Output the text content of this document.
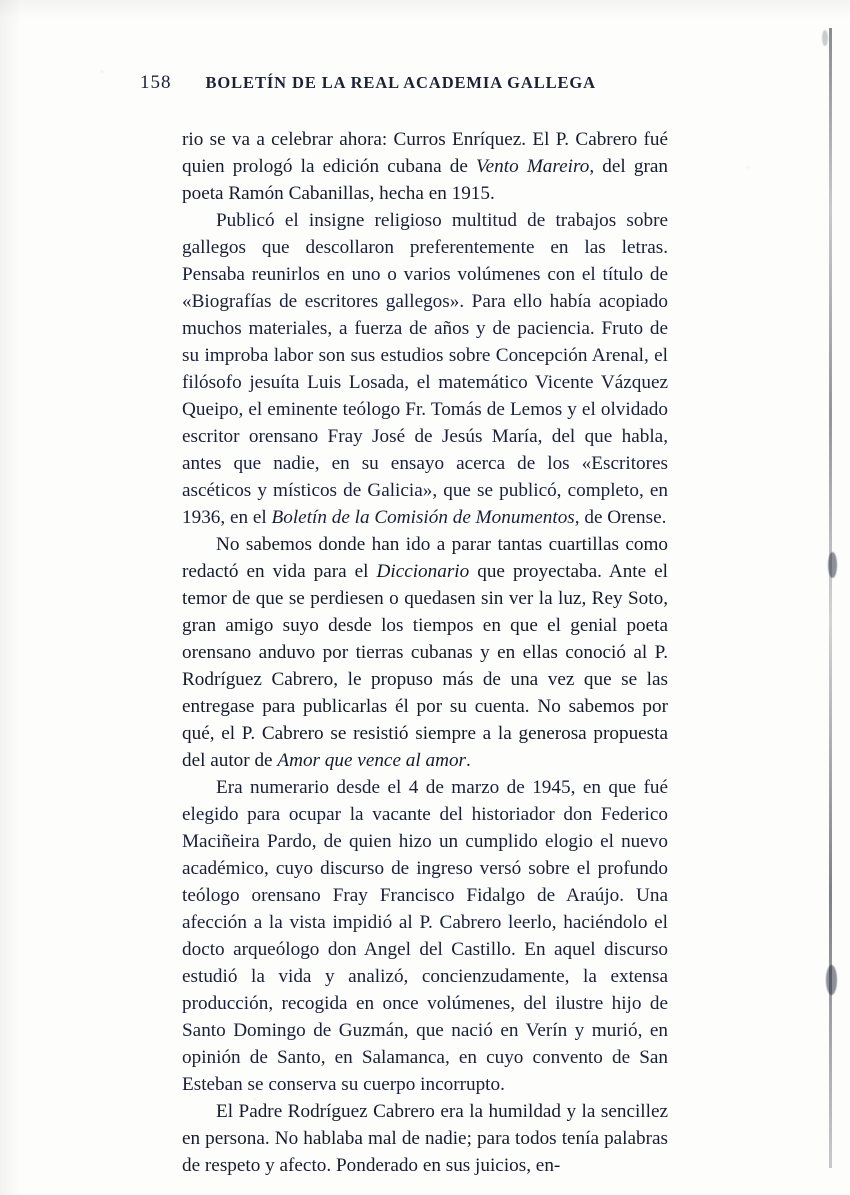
158 BOLETÍN DE LA REAL ACADEMIA GALLEGA

rio se va a celebrar ahora: Curros Enríquez. El P. Cabrero fué quien prologó la edición cubana de Vento Mareiro, del gran poeta Ramón Cabanillas, hecha en 1915.

Publicó el insigne religioso multitud de trabajos sobre gallegos que descollaron preferentemente en las letras. Pensaba reunirlos en uno o varios volúmenes con el título de «Biografías de escritores gallegos». Para ello había acopiado muchos materiales, a fuerza de años y de paciencia. Fruto de su improba labor son sus estudios sobre Concepción Arenal, el filósofo jesuíta Luis Losada, el matemático Vicente Vázquez Queipo, el eminente teólogo Fr. Tomás de Lemos y el olvidado escritor orensano Fray José de Jesús María, del que habla, antes que nadie, en su ensayo acerca de los «Escritores ascéticos y místicos de Galicia», que se publicó, completo, en 1936, en el Boletín de la Comisión de Monumentos, de Orense.

No sabemos donde han ido a parar tantas cuartillas como redactó en vida para el Diccionario que proyectaba. Ante el temor de que se perdiesen o quedasen sin ver la luz, Rey Soto, gran amigo suyo desde los tiempos en que el genial poeta orensano anduvo por tierras cubanas y en ellas conoció al P. Rodríguez Cabrero, le propuso más de una vez que se las entregase para publicarlas él por su cuenta. No sabemos por qué, el P. Cabrero se resistió siempre a la generosa propuesta del autor de Amor que vence al amor.

Era numerario desde el 4 de marzo de 1945, en que fué elegido para ocupar la vacante del historiador don Federico Maciñeira Pardo, de quien hizo un cumplido elogio el nuevo académico, cuyo discurso de ingreso versó sobre el profundo teólogo orensano Fray Francisco Fidalgo de Araújo. Una afección a la vista impidió al P. Cabrero leerlo, haciéndolo el docto arqueólogo don Angel del Castillo. En aquel discurso estudió la vida y analizó, concienzudamente, la extensa producción, recogida en once volúmenes, del ilustre hijo de Santo Domingo de Guzmán, que nació en Verín y murió, en opinión de Santo, en Salamanca, en cuyo convento de San Esteban se conserva su cuerpo incorrupto.

El Padre Rodríguez Cabrero era la humildad y la sencillez en persona. No hablaba mal de nadie; para todos tenía palabras de respeto y afecto. Ponderado en sus juicios, en-
